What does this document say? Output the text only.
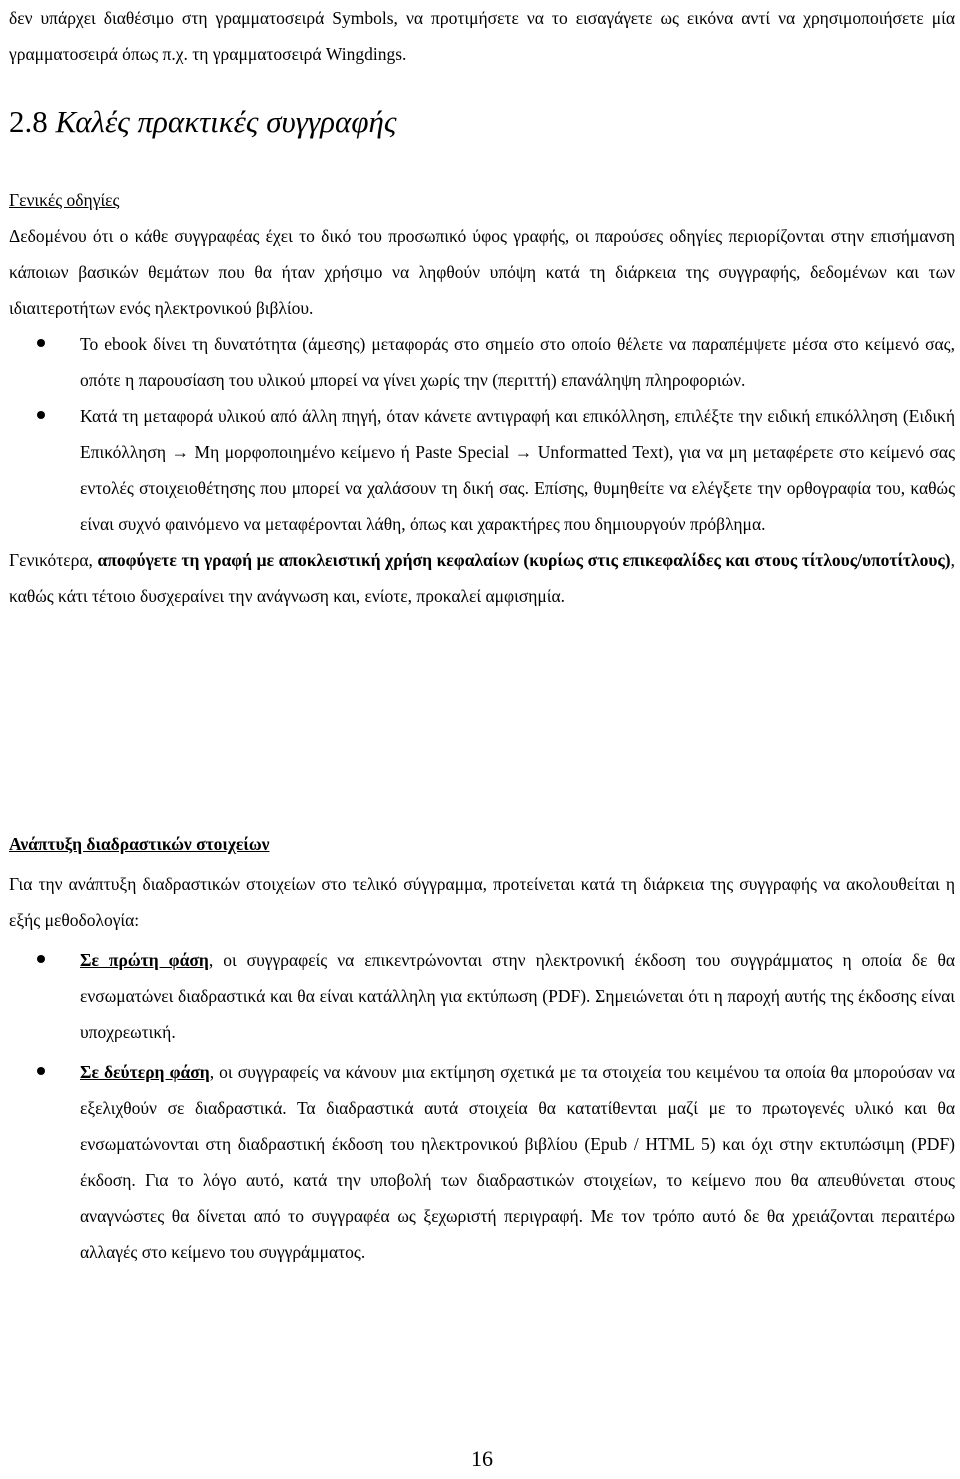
δεν υπάρχει διαθέσιμο στη γραμματοσειρά Symbols, να προτιμήσετε να το εισαγάγετε ως εικόνα αντί να χρησιμοποιήσετε μία γραμματοσειρά όπως π.χ. τη γραμματοσειρά Wingdings.

2.8 Καλές πρακτικές συγγραφής

Γενικές οδηγίες

Δεδομένου ότι ο κάθε συγγραφέας έχει το δικό του προσωπικό ύφος γραφής, οι παρούσες οδηγίες περιορίζονται στην επισήμανση κάποιων βασικών θεμάτων που θα ήταν χρήσιμο να ληφθούν υπόψη κατά τη διάρκεια της συγγραφής, δεδομένων και των ιδιαιτεροτήτων ενός ηλεκτρονικού βιβλίου.

Το ebook δίνει τη δυνατότητα (άμεσης) μεταφοράς στο σημείο στο οποίο θέλετε να παραπέμψετε μέσα στο κείμενό σας, οπότε η παρουσίαση του υλικού μπορεί να γίνει χωρίς την (περιττή) επανάληψη πληροφοριών.

Κατά τη μεταφορά υλικού από άλλη πηγή, όταν κάνετε αντιγραφή και επικόλληση, επιλέξτε την ειδική επικόλληση (Ειδική Επικόλληση → Μη μορφοποιημένο κείμενο ή Paste Special → Unformatted Text), για να μη μεταφέρετε στο κείμενό σας εντολές στοιχειοθέτησης που μπορεί να χαλάσουν τη δική σας. Επίσης, θυμηθείτε να ελέγξετε την ορθογραφία του, καθώς είναι συχνό φαινόμενο να μεταφέρονται λάθη, όπως και χαρακτήρες που δημιουργούν πρόβλημα.

Γενικότερα, αποφύγετε τη γραφή με αποκλειστική χρήση κεφαλαίων (κυρίως στις επικεφαλίδες και στους τίτλους/υποτίτλους), καθώς κάτι τέτοιο δυσχεραίνει την ανάγνωση και, ενίοτε, προκαλεί αμφισημία.

Ανάπτυξη διαδραστικών στοιχείων

Για την ανάπτυξη διαδραστικών στοιχείων στο τελικό σύγγραμμα, προτείνεται κατά τη διάρκεια της συγγραφής να ακολουθείται η εξής μεθοδολογία:

Σε πρώτη φάση, οι συγγραφείς να επικεντρώνονται στην ηλεκτρονική έκδοση του συγγράμματος η οποία δε θα ενσωματώνει διαδραστικά και θα είναι κατάλληλη για εκτύπωση (PDF). Σημειώνεται ότι η παροχή αυτής της έκδοσης είναι υποχρεωτική.

Σε δεύτερη φάση, οι συγγραφείς να κάνουν μια εκτίμηση σχετικά με τα στοιχεία του κειμένου τα οποία θα μπορούσαν να εξελιχθούν σε διαδραστικά. Τα διαδραστικά αυτά στοιχεία θα κατατίθενται μαζί με το πρωτογενές υλικό και θα ενσωματώνονται στη διαδραστική έκδοση του ηλεκτρονικού βιβλίου (Epub / HTML 5) και όχι στην εκτυπώσιμη (PDF) έκδοση. Για το λόγο αυτό, κατά την υποβολή των διαδραστικών στοιχείων, το κείμενο που θα απευθύνεται στους αναγνώστες θα δίνεται από το συγγραφέα ως ξεχωριστή περιγραφή. Με τον τρόπο αυτό δε θα χρειάζονται περαιτέρω αλλαγές στο κείμενο του συγγράμματος.

16
